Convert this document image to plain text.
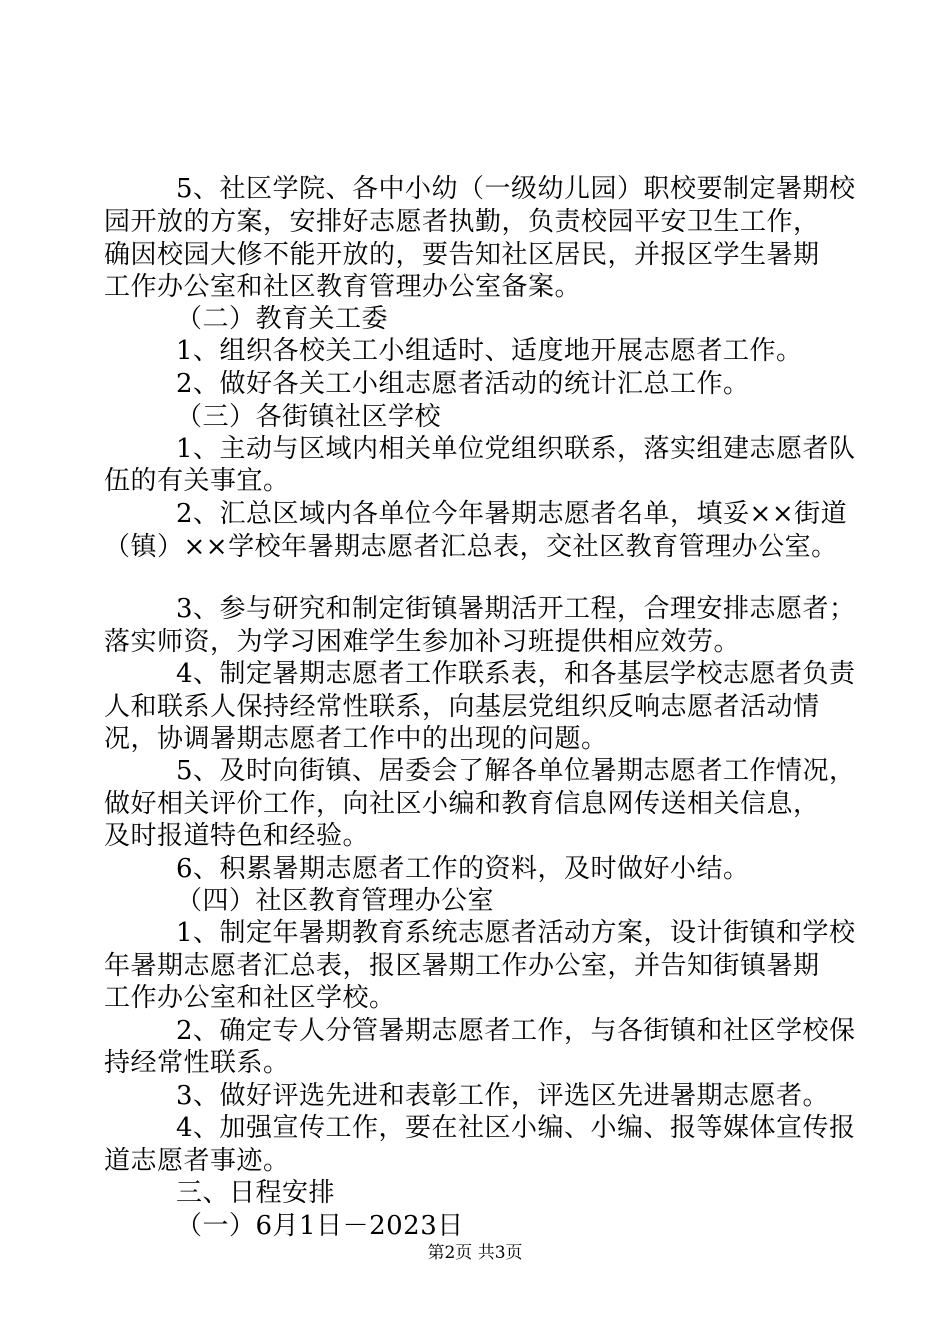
5、社区学院、各中小幼（一级幼儿园）职校要制定暑期校
园开放的方案，安排好志愿者执勤，负责校园平安卫生工作，
确因校园大修不能开放的，要告知社区居民，并报区学生暑期
工作办公室和社区教育管理办公室备案。
（二）教育关工委
1、组织各校关工小组适时、适度地开展志愿者工作。
2、做好各关工小组志愿者活动的统计汇总工作。
（三）各街镇社区学校
1、主动与区域内相关单位党组织联系，落实组建志愿者队
伍的有关事宜。
2、汇总区域内各单位今年暑期志愿者名单，填妥××街道
（镇）××学校年暑期志愿者汇总表，交社区教育管理办公室。
3、参与研究和制定街镇暑期活开工程，合理安排志愿者；
落实师资，为学习困难学生参加补习班提供相应效劳。
4、制定暑期志愿者工作联系表，和各基层学校志愿者负责
人和联系人保持经常性联系，向基层党组织反响志愿者活动情
况，协调暑期志愿者工作中的出现的问题。
5、及时向街镇、居委会了解各单位暑期志愿者工作情况，
做好相关评价工作，向社区小编和教育信息网传送相关信息，
及时报道特色和经验。
6、积累暑期志愿者工作的资料，及时做好小结。
（四）社区教育管理办公室
1、制定年暑期教育系统志愿者活动方案，设计街镇和学校
年暑期志愿者汇总表，报区暑期工作办公室，并告知街镇暑期
工作办公室和社区学校。
2、确定专人分管暑期志愿者工作，与各街镇和社区学校保
持经常性联系。
3、做好评选先进和表彰工作，评选区先进暑期志愿者。
4、加强宣传工作，要在社区小编、小编、报等媒体宣传报
道志愿者事迹。
三、日程安排
（一）6月1日－2023日
第2页 共3页
